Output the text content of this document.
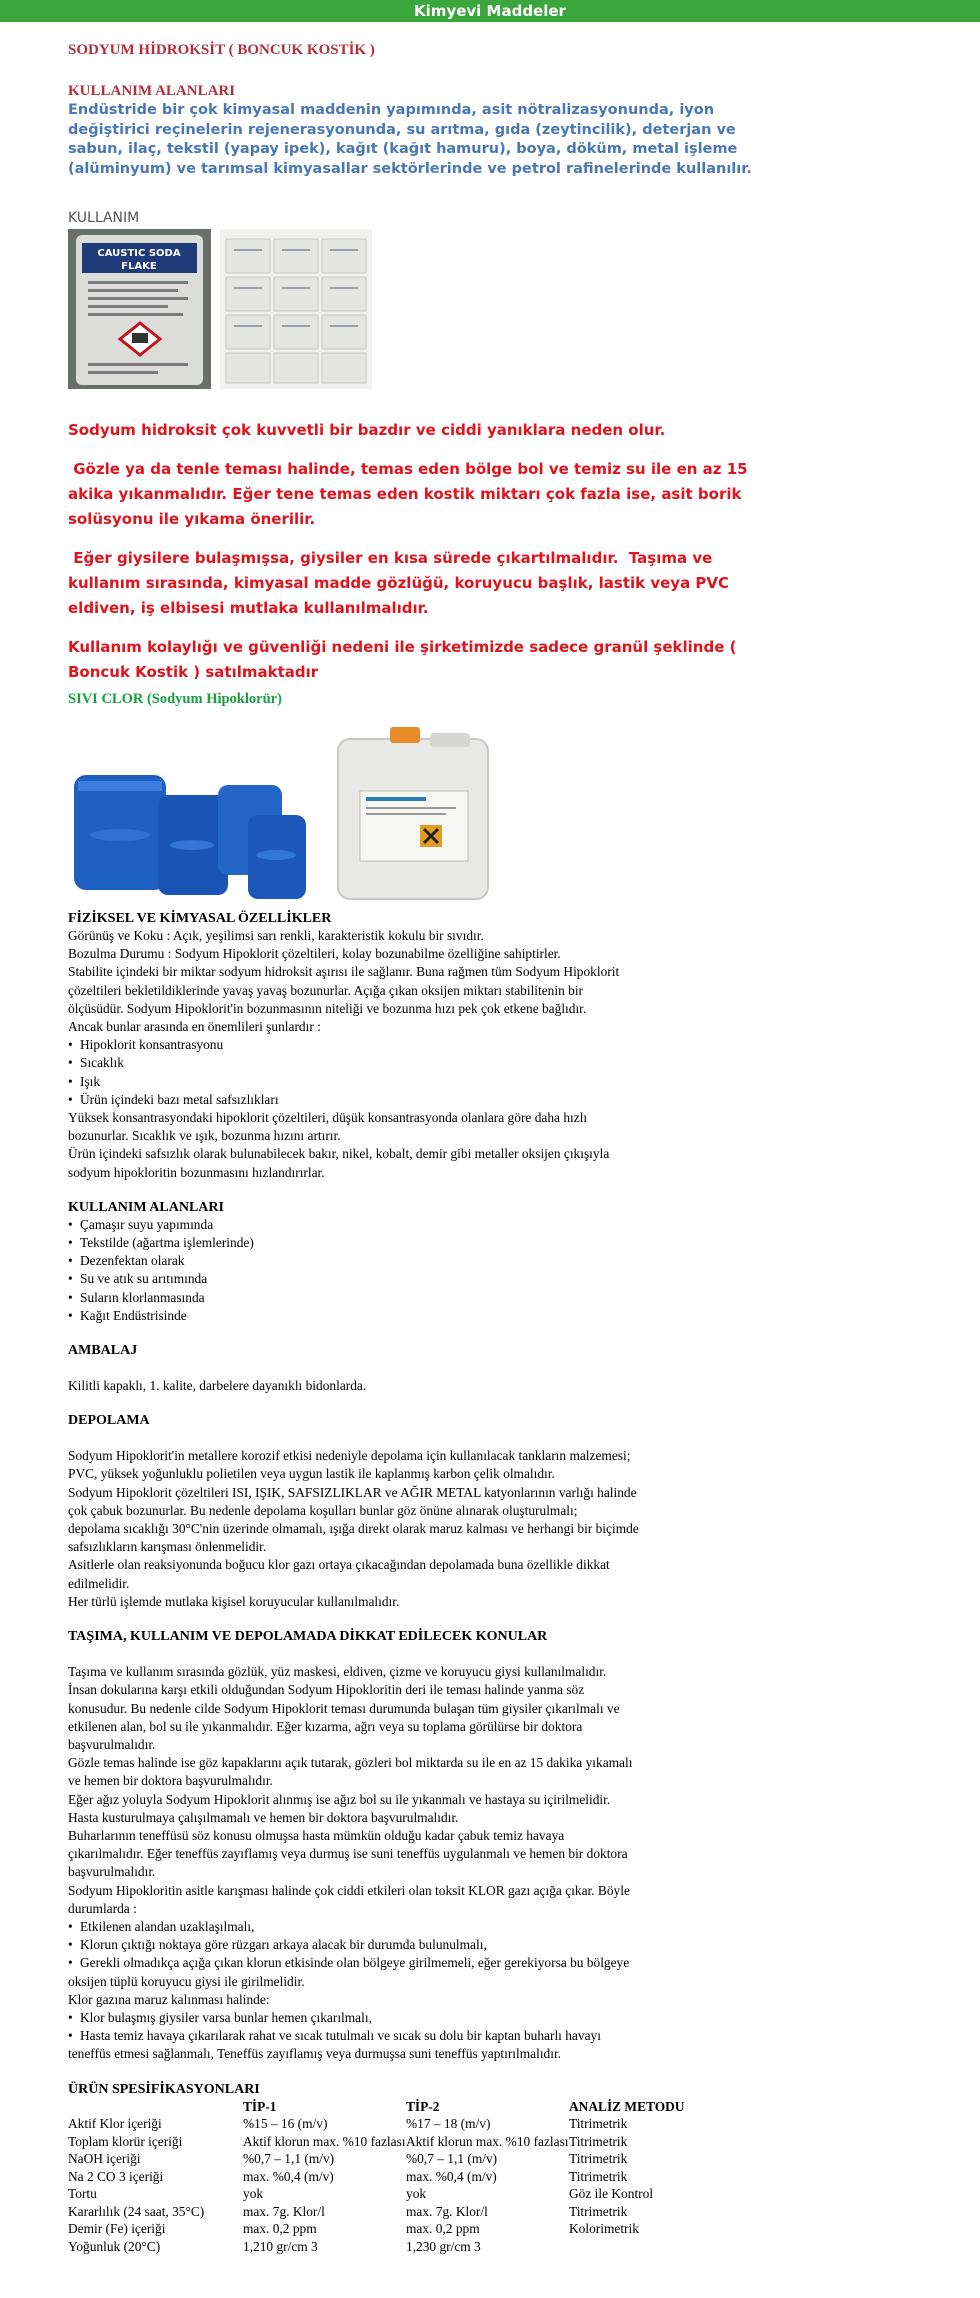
Kimyevi Maddeler
SODYUM HİDROKSİT ( BONCUK KOSTİK )
KULLANIM ALANLARI

Endüstride bir çok kimyasal maddenin yapımında, asit nötralizasyonunda, iyon değiştirici reçinelerin rejenerasyonunda, su arıtma, gıda (zeytincilik), deterjan ve sabun, ilaç, tekstil (yapay ipek), kağıt (kağıt hamuru), boya, döküm, metal işleme (alüminyum) ve tarımsal kimyasallar sektörlerinde ve petrol rafinelerinde kullanılır.

KULLANIM
CAUSTIC SODA
FLAKE

Sodyum hidroksit çok kuvvetli bir bazdır ve ciddi yanıklara neden olur.

Gözle ya da tenle teması halinde, temas eden bölge bol ve temiz su ile en az 15 akika yıkanmalıdır. Eğer tene temas eden kostik miktarı çok fazla ise, asit borik solüsyonu ile yıkama önerilir.

Eğer giysilere bulaşmışsa, giysiler en kısa sürede çıkartılmalıdır.  Taşıma ve kullanım sırasında, kimyasal madde gözlüğü, koruyucu başlık, lastik veya PVC eldiven, iş elbisesi mutlaka kullanılmalıdır.

Kullanım kolaylığı ve güvenliği nedeni ile şirketimizde sadece granül şeklinde ( Boncuk Kostik ) satılmaktadır

SIVI CLOR (Sodyum Hipoklorür)
FİZİKSEL VE KİMYASAL ÖZELLİKLER

Görünüş ve Koku : Açık, yeşilimsi sarı renkli, karakteristik kokulu bir sıvıdır.

Bozulma Durumu : Sodyum Hipoklorit çözeltileri, kolay bozunabilme özelliğine sahiptirler.

Stabilite içindeki bir miktar sodyum hidroksit aşırısı ile sağlanır. Buna rağmen tüm Sodyum Hipoklorit

çözeltileri bekletildiklerinde yavaş yavaş bozunurlar. Açığa çıkan oksijen miktarı stabilitenin bir

ölçüsüdür. Sodyum Hipoklorit'in bozunmasının niteliği ve bozunma hızı pek çok etkene bağlıdır.

Ancak bunlar arasında en önemlileri şunlardır :

• Hipoklorit konsantrasyonu
• Sıcaklık
• Işık
• Ürün içindeki bazı metal safsızlıkları

Yüksek konsantrasyondaki hipoklorit çözeltileri, düşük konsantrasyonda olanlara göre daha hızlı

bozunurlar. Sıcaklık ve ışık, bozunma hızını artırır.

Ürün içindeki safsızlık olarak bulunabilecek bakır, nikel, kobalt, demir gibi metaller oksijen çıkışıyla

sodyum hipokloritin bozunmasını hızlandırırlar.

KULLANIM ALANLARI
• Çamaşır suyu yapımında
• Tekstilde (ağartma işlemlerinde)
• Dezenfektan olarak
• Su ve atık su arıtımında
• Suların klorlanmasında
• Kağıt Endüstrisinde
AMBALAJ

Kilitli kapaklı, 1. kalite, darbelere dayanıklı bidonlarda.

DEPOLAMA

Sodyum Hipoklorit'in metallere korozif etkisi nedeniyle depolama için kullanılacak tankların malzemesi;

PVC, yüksek yoğunluklu polietilen veya uygun lastik ile kaplanmış karbon çelik olmalıdır.

Sodyum Hipoklorit çözeltileri ISI, IŞIK, SAFSIZLIKLAR ve AĞIR METAL katyonlarının varlığı halinde

çok çabuk bozunurlar. Bu nedenle depolama koşulları bunlar göz önüne alınarak oluşturulmalı;

depolama sıcaklığı 30°C'nin üzerinde olmamalı, ışığa direkt olarak maruz kalması ve herhangi bir biçimde

safsızlıkların karışması önlenmelidir.

Asitlerle olan reaksiyonunda boğucu klor gazı ortaya çıkacağından depolamada buna özellikle dikkat

edilmelidir.

Her türlü işlemde mutlaka kişisel koruyucular kullanılmalıdır.

TAŞIMA, KULLANIM VE DEPOLAMADA DİKKAT EDİLECEK KONULAR

Taşıma ve kullanım sırasında gözlük, yüz maskesi, eldiven, çizme ve koruyucu giysi kullanılmalıdır.

İnsan dokularına karşı etkili olduğundan Sodyum Hipokloritin deri ile teması halinde yanma söz

konusudur. Bu nedenle cilde Sodyum Hipoklorit teması durumunda bulaşan tüm giysiler çıkarılmalı ve

etkilenen alan, bol su ile yıkanmalıdır. Eğer kızarma, ağrı veya su toplama görülürse bir doktora

başvurulmalıdır.

Gözle temas halinde ise göz kapaklarını açık tutarak, gözleri bol miktarda su ile en az 15 dakika yıkamalı

ve hemen bir doktora başvurulmalıdır.

Eğer ağız yoluyla Sodyum Hipoklorit alınmış ise ağız bol su ile yıkanmalı ve hastaya su içirilmelidir.

Hasta kusturulmaya çalışılmamalı ve hemen bir doktora başvurulmalıdır.

Buharlarının teneffüsü söz konusu olmuşsa hasta mümkün olduğu kadar çabuk temiz havaya

çıkarılmalıdır. Eğer teneffüs zayıflamış veya durmuş ise suni teneffüs uygulanmalı ve hemen bir doktora

başvurulmalıdır.

Sodyum Hipokloritin asitle karışması halinde çok ciddi etkileri olan toksit KLOR gazı açığa çıkar. Böyle

durumlarda :

• Etkilenen alandan uzaklaşılmalı,
• Klorun çıktığı noktaya göre rüzgarı arkaya alacak bir durumda bulunulmalı,
• Gerekli olmadıkça açığa çıkan klorun etkisinde olan bölgeye girilmemeli, eğer gerekiyorsa bu bölgeye

oksijen tüplü koruyucu giysi ile girilmelidir.

Klor gazına maruz kalınması halinde:

• Klor bulaşmış giysiler varsa bunlar hemen çıkarılmalı,
• Hasta temiz havaya çıkarılarak rahat ve sıcak tutulmalı ve sıcak su dolu bir kaptan buharlı havayı

teneffüs etmesi sağlanmalı, Teneffüs zayıflamış veya durmuşsa suni teneffüs yaptırılmalıdır.

ÜRÜN SPESİFİKASYONLARI
	TİP-1	TİP-2	ANALİZ METODU
Aktif Klor içeriği	%15 – 16 (m/v)	%17 – 18 (m/v)	Titrimetrik
Toplam klorür içeriği	Aktif klorun max. %10 fazlası	Aktif klorun max. %10 fazlası	Titrimetrik
NaOH içeriği	%0,7 – 1,1 (m/v)	%0,7 – 1,1 (m/v)	Titrimetrik
Na 2 CO 3 içeriği	max. %0,4 (m/v)	max. %0,4 (m/v)	Titrimetrik
Tortu	yok	yok	Göz ile Kontrol
Kararlılık (24 saat, 35°C)	max. 7g. Klor/l	max. 7g. Klor/l	Titrimetrik
Demir (Fe) içeriği	max. 0,2 ppm	max. 0,2 ppm	Kolorimetrik
Yoğunluk (20°C)	1,210 gr/cm 3	1,230 gr/cm 3	
